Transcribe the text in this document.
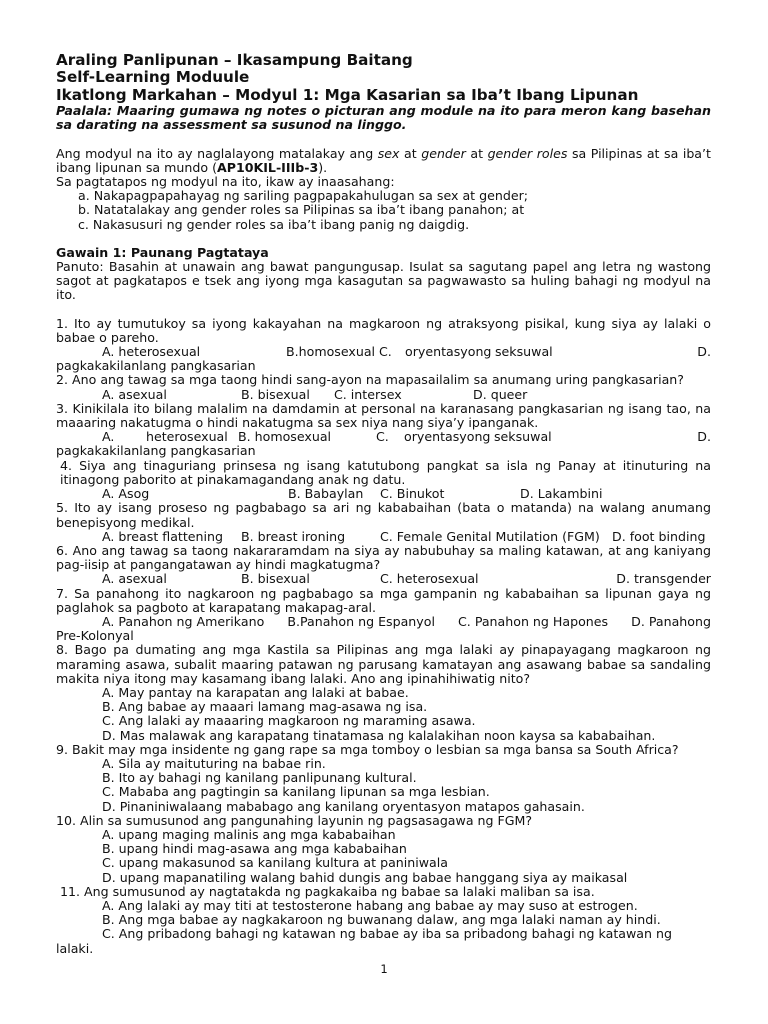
Araling Panlipunan – Ikasampung Baitang
Self-Learning Moduule
Ikatlong Markahan – Modyul 1: Mga Kasarian sa Iba’t Ibang Lipunan
Paalala: Maaring gumawa ng notes o picturan ang module na ito para meron kang basehan sa darating na assessment sa susunod na linggo.
Ang modyul na ito ay naglalayong matalakay ang sex at gender at gender roles sa Pilipinas at sa iba’t ibang lipunan sa mundo (AP10KIL-IIIb-3).
Sa pagtatapos ng modyul na ito, ikaw ay inaasahang:
a. Nakapagpapahayag ng sariling pagpapakahulugan sa sex at gender;
b. Natatalakay ang gender roles sa Pilipinas sa iba’t ibang panahon; at
c. Nakasusuri ng gender roles sa iba’t ibang panig ng daigdig.
Gawain 1: Paunang Pagtataya
Panuto: Basahin at unawain ang bawat pangungusap. Isulat sa sagutang papel ang letra ng wastong sagot at pagkatapos e tsek ang iyong mga kasagutan sa pagwawasto sa huling bahagi ng modyul na ito.
1. Ito ay tumutukoy sa iyong kakayahan na magkaroon ng atraksyong pisikal, kung siya ay lalaki o babae o pareho.
A. heterosexual	B.homosexual C.	oryentasyong seksuwal	D.
pagkakakilanlang pangkasarian
2. Ano ang tawag sa mga taong hindi sang-ayon na mapasailalim sa anumang uring pangkasarian?
A. asexual	B. bisexual	C. intersex	D. queer
3. Kinikilala ito bilang malalim na damdamin at personal na karanasang pangkasarian ng isang tao, na maaaring nakatugma o hindi nakatugma sa sex niya nang siya’y ipanganak.
A.	heterosexual B. homosexual	C.	oryentasyong seksuwal	D.
pagkakakilanlang pangkasarian
4. Siya ang tinaguriang prinsesa ng isang katutubong pangkat sa isla ng Panay at itinuturing na itinagong paborito at pinakamagandang anak ng datu.
A. Asog	B. Babaylan	C. Binukot	D. Lakambini
5. Ito ay isang proseso ng pagbabago sa ari ng kababaihan (bata o matanda) na walang anumang benepisyong medikal.
A. breast flattening	B. breast ironing	C. Female Genital Mutilation (FGM) D. foot binding
6. Ano ang tawag sa taong nakararamdam na siya ay nabubuhay sa maling katawan, at ang kaniyang pag-iisip at pangangatawan ay hindi magkatugma?
A. asexual	B. bisexual	C. heterosexual	D. transgender
7. Sa panahong ito nagkaroon ng pagbabago sa mga gampanin ng kababaihan sa lipunan gaya ng paglahok sa pagboto at karapatang makapag-aral.
A. Panahon ng Amerikano B.Panahon ng Espanyol C. Panahon ng Hapones D. Panahong
Pre-Kolonyal
8. Bago pa dumating ang mga Kastila sa Pilipinas ang mga lalaki ay pinapayagang magkaroon ng maraming asawa, subalit maaring patawan ng parusang kamatayan ang asawang babae sa sandaling makita niya itong may kasamang ibang lalaki. Ano ang ipinahihiwatig nito?
A. May pantay na karapatan ang lalaki at babae.
B. Ang babae ay maaari lamang mag-asawa ng isa.
C. Ang lalaki ay maaaring magkaroon ng maraming asawa.
D. Mas malawak ang karapatang tinatamasa ng kalalakihan noon kaysa sa kababaihan.
9. Bakit may mga insidente ng gang rape sa mga tomboy o lesbian sa mga bansa sa South Africa?
A. Sila ay maituturing na babae rin.
B. Ito ay bahagi ng kanilang panlipunang kultural.
C. Mababa ang pagtingin sa kanilang lipunan sa mga lesbian.
D. Pinaniniwalaang mababago ang kanilang oryentasyon matapos gahasain.
10. Alin sa sumusunod ang pangunahing layunin ng pagsasagawa ng FGM?
A. upang maging malinis ang mga kababaihan
B. upang hindi mag-asawa ang mga kababaihan
C. upang makasunod sa kanilang kultura at paniniwala
D. upang mapanatiling walang bahid dungis ang babae hanggang siya ay maikasal
11. Ang sumusunod ay nagtatakda ng pagkakaiba ng babae sa lalaki maliban sa isa.
A. Ang lalaki ay may titi at testosterone habang ang babae ay may suso at estrogen.
B. Ang mga babae ay nagkakaroon ng buwanang dalaw, ang mga lalaki naman ay hindi.
C. Ang pribadong bahagi ng katawan ng babae ay iba sa pribadong bahagi ng katawan ng
lalaki.
1
